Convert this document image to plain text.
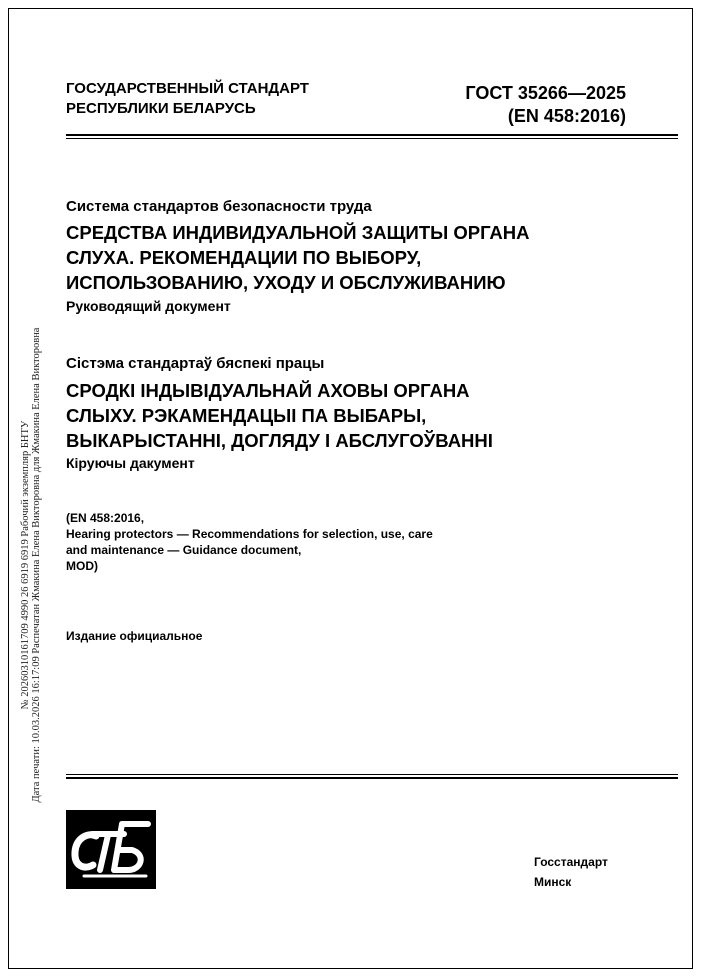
№ 20260310161709 4990 26 6919 6919 Рабочий экземпляр БНТУ Дата печати: 10.03.2026 16:17:09 Распечатан Жмакина Елена Викторовна для Жмакина Елена Викторовна
ГОСУДАРСТВЕННЫЙ СТАНДАРТ
РЕСПУБЛИКИ БЕЛАРУСЬ
ГОСТ 35266—2025
(EN 458:2016)
Система стандартов безопасности труда
СРЕДСТВА ИНДИВИДУАЛЬНОЙ ЗАЩИТЫ ОРГАНА
СЛУХА. РЕКОМЕНДАЦИИ ПО ВЫБОРУ,
ИСПОЛЬЗОВАНИЮ, УХОДУ И ОБСЛУЖИВАНИЮ
Руководящий документ
Сістэма стандартаў бяспекі працы
СРОДКІ ІНДЫВІДУАЛЬНАЙ АХОВЫ ОРГАНА
СЛЫХУ. РЭКАМЕНДАЦЫІ ПА ВЫБАРЫ,
ВЫКАРЫСТАННІ, ДОГЛЯДУ І АБСЛУГОЎВАННІ
Кіруючы дакумент
(EN 458:2016,
Hearing protectors — Recommendations for selection, use, care
and maintenance — Guidance document,
MOD)
Издание официальное
Госстандарт
Минск
